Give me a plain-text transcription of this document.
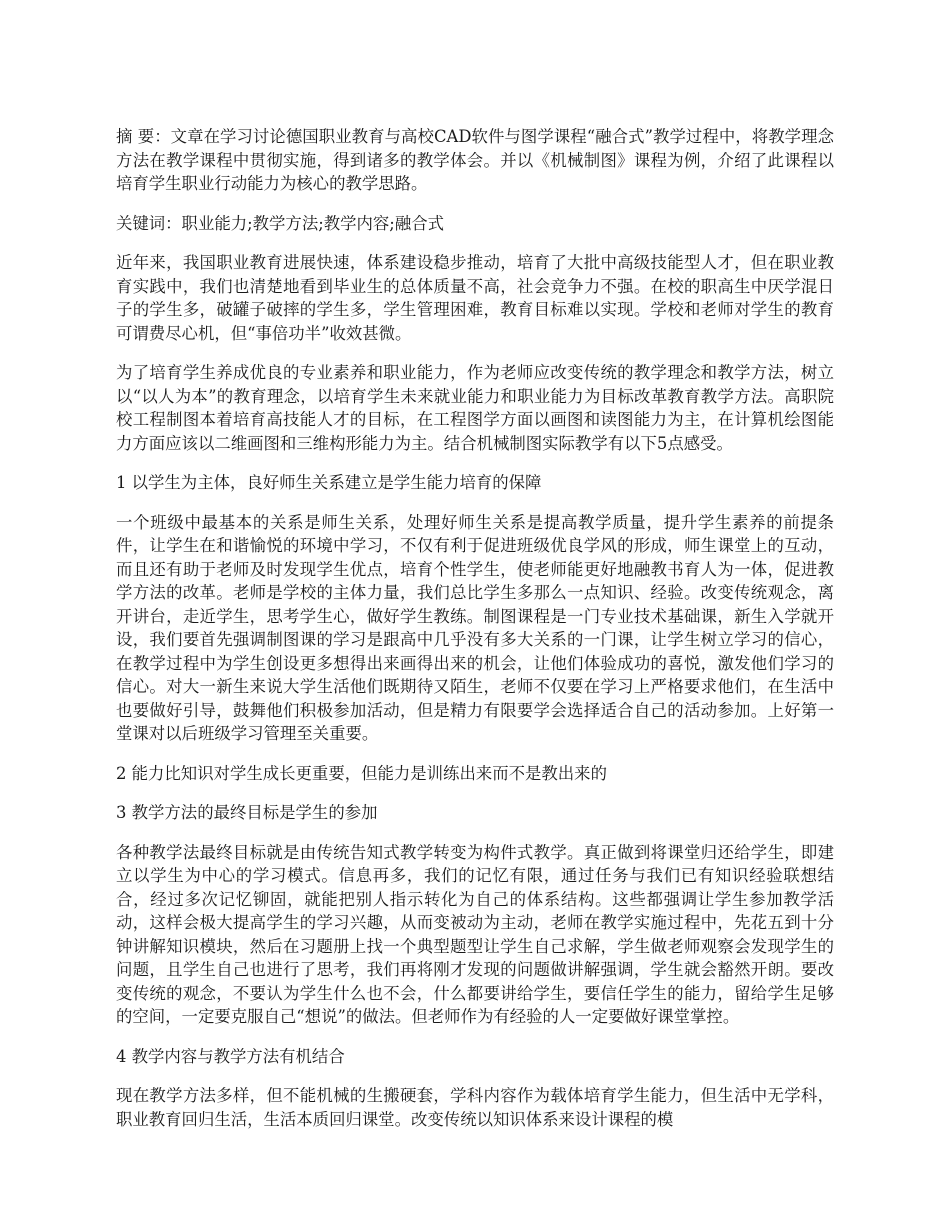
摘 要：文章在学习讨论德国职业教育与高校CAD软件与图学课程“融合式”教学过程中，将教学理念方法在教学课程中贯彻实施，得到诸多的教学体会。并以《机械制图》课程为例，介绍了此课程以培育学生职业行动能力为核心的教学思路。

关键词：职业能力;教学方法;教学内容;融合式

近年来，我国职业教育进展快速，体系建设稳步推动，培育了大批中高级技能型人才，但在职业教育实践中，我们也清楚地看到毕业生的总体质量不高，社会竞争力不强。在校的职高生中厌学混日子的学生多，破罐子破摔的学生多，学生管理困难，教育目标难以实现。学校和老师对学生的教育可谓费尽心机，但“事倍功半”收效甚微。

为了培育学生养成优良的专业素养和职业能力，作为老师应改变传统的教学理念和教学方法，树立以“以人为本”的教育理念，以培育学生未来就业能力和职业能力为目标改革教育教学方法。高职院校工程制图本着培育高技能人才的目标，在工程图学方面以画图和读图能力为主，在计算机绘图能力方面应该以二维画图和三维构形能力为主。结合机械制图实际教学有以下5点感受。

1 以学生为主体，良好师生关系建立是学生能力培育的保障

一个班级中最基本的关系是师生关系，处理好师生关系是提高教学质量，提升学生素养的前提条件，让学生在和谐愉悦的环境中学习，不仅有利于促进班级优良学风的形成，师生课堂上的互动，而且还有助于老师及时发现学生优点，培育个性学生，使老师能更好地融教书育人为一体，促进教学方法的改革。老师是学校的主体力量，我们总比学生多那么一点知识、经验。改变传统观念，离开讲台，走近学生，思考学生心，做好学生教练。制图课程是一门专业技术基础课，新生入学就开设，我们要首先强调制图课的学习是跟高中几乎没有多大关系的一门课，让学生树立学习的信心，在教学过程中为学生创设更多想得出来画得出来的机会，让他们体验成功的喜悦，激发他们学习的信心。对大一新生来说大学生活他们既期待又陌生，老师不仅要在学习上严格要求他们，在生活中也要做好引导，鼓舞他们积极参加活动，但是精力有限要学会选择适合自己的活动参加。上好第一堂课对以后班级学习管理至关重要。

2 能力比知识对学生成长更重要，但能力是训练出来而不是教出来的

3 教学方法的最终目标是学生的参加

各种教学法最终目标就是由传统告知式教学转变为构件式教学。真正做到将课堂归还给学生，即建立以学生为中心的学习模式。信息再多，我们的记忆有限，通过任务与我们已有知识经验联想结合，经过多次记忆铆固，就能把别人指示转化为自己的体系结构。这些都强调让学生参加教学活动，这样会极大提高学生的学习兴趣，从而变被动为主动，老师在教学实施过程中，先花五到十分钟讲解知识模块，然后在习题册上找一个典型题型让学生自己求解，学生做老师观察会发现学生的问题，且学生自己也进行了思考，我们再将刚才发现的问题做讲解强调，学生就会豁然开朗。要改变传统的观念，不要认为学生什么也不会，什么都要讲给学生，要信任学生的能力，留给学生足够的空间，一定要克服自己“想说”的做法。但老师作为有经验的人一定要做好课堂掌控。

4 教学内容与教学方法有机结合

现在教学方法多样，但不能机械的生搬硬套，学科内容作为载体培育学生能力，但生活中无学科，职业教育回归生活，生活本质回归课堂。改变传统以知识体系来设计课程的模
